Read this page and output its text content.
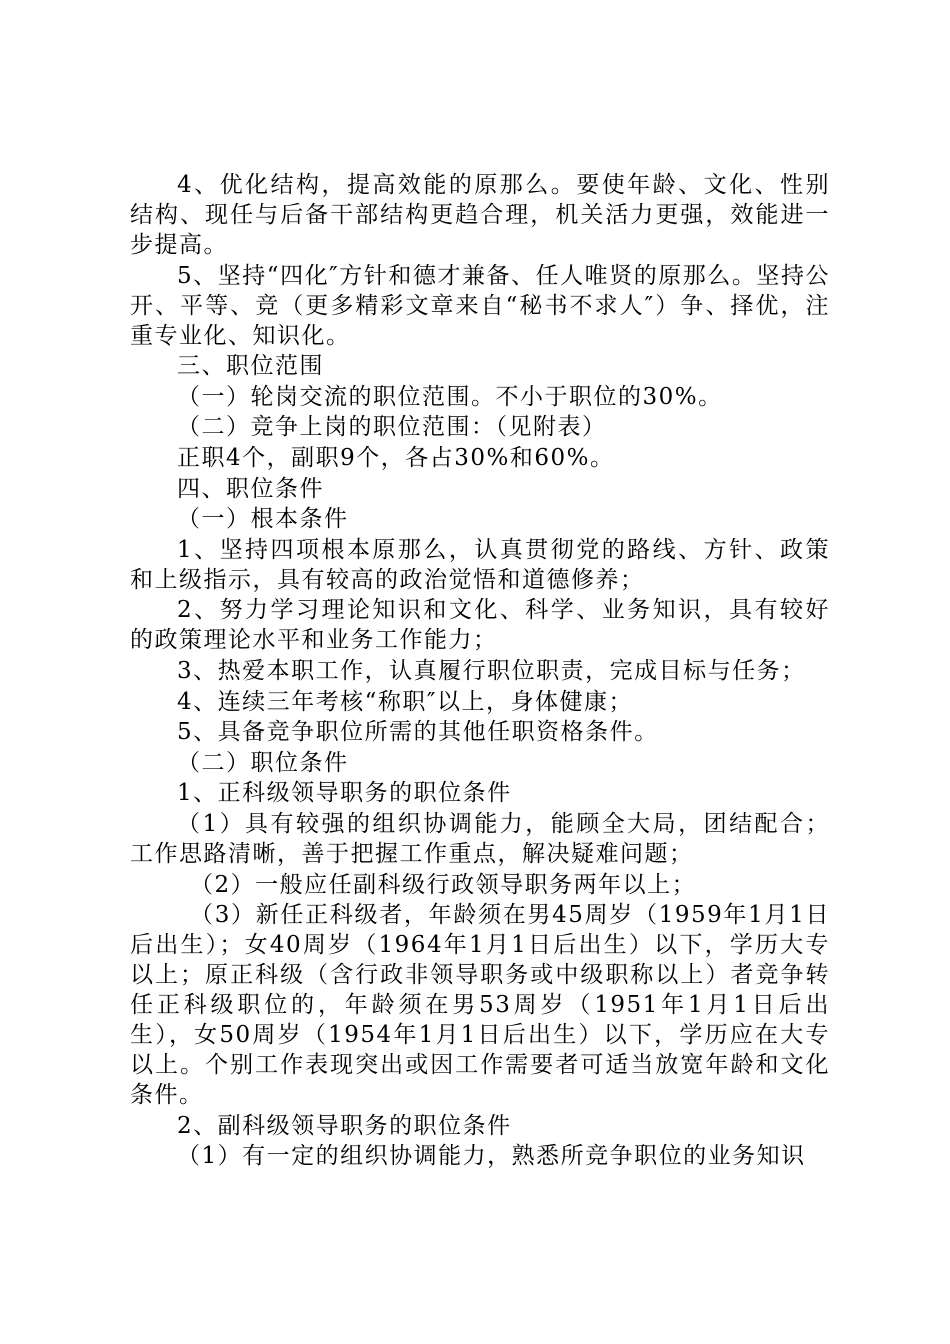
4、优化结构，提高效能的原那么。要使年龄、文化、性别结构、现任与后备干部结构更趋合理，机关活力更强，效能进一步提高。

5、坚持“四化″方针和德才兼备、任人唯贤的原那么。坚持公开、平等、竞（更多精彩文章来自“秘书不求人″）争、择优，注重专业化、知识化。

三、职位范围

（一）轮岗交流的职位范围。不小于职位的30%。

（二）竞争上岗的职位范围：（见附表）

正职4个，副职9个，各占30%和60%。

四、职位条件

（一）根本条件

1、坚持四项根本原那么，认真贯彻党的路线、方针、政策和上级指示，具有较高的政治觉悟和道德修养；

2、努力学习理论知识和文化、科学、业务知识，具有较好的政策理论水平和业务工作能力；

3、热爱本职工作，认真履行职位职责，完成目标与任务；

4、连续三年考核“称职″以上，身体健康；

5、具备竞争职位所需的其他任职资格条件。

（二）职位条件

1、正科级领导职务的职位条件

（1）具有较强的组织协调能力，能顾全大局，团结配合；工作思路清晰，善于把握工作重点，解决疑难问题；

（2）一般应任副科级行政领导职务两年以上；

（3）新任正科级者，年龄须在男45周岁（1959年1月1日后出生）；女40周岁（1964年1月1日后出生）以下，学历大专以上；原正科级（含行政非领导职务或中级职称以上）者竞争转任正科级职位的，年龄须在男53周岁（1951年1月1日后出生），女50周岁（1954年1月1日后出生）以下，学历应在大专以上。个别工作表现突出或因工作需要者可适当放宽年龄和文化条件。

2、副科级领导职务的职位条件

（1）有一定的组织协调能力，熟悉所竞争职位的业务知识
